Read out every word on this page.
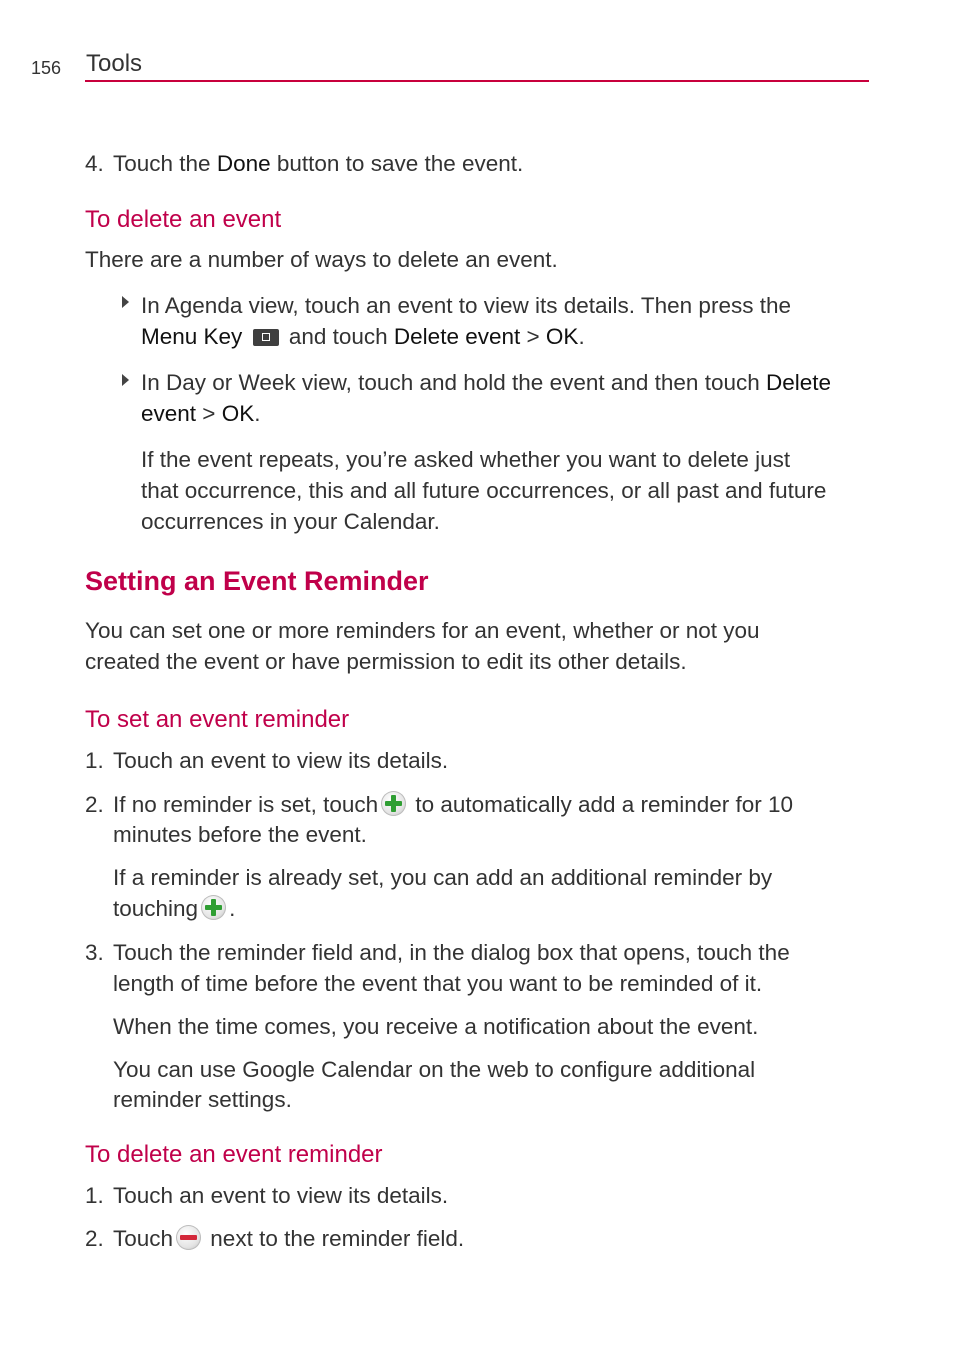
156 Tools
4. Touch the Done button to save the event.
To delete an event
There are a number of ways to delete an event.
In Agenda view, touch an event to view its details. Then press the
Menu Key  and touch Delete event > OK.
In Day or Week view, touch and hold the event and then touch Delete
event > OK.
If the event repeats, you’re asked whether you want to delete just
that occurrence, this and all future occurrences, or all past and future
occurrences in your Calendar.
Setting an Event Reminder
You can set one or more reminders for an event, whether or not you
created the event or have permission to edit its other details.
To set an event reminder
1. Touch an event to view its details.
2. If no reminder is set, touch to automatically add a reminder for 10
minutes before the event.
If a reminder is already set, you can add an additional reminder by
touching .
3. Touch the reminder field and, in the dialog box that opens, touch the
length of time before the event that you want to be reminded of it.
When the time comes, you receive a notification about the event.
You can use Google Calendar on the web to configure additional
reminder settings.
To delete an event reminder
1. Touch an event to view its details.
2. Touch next to the reminder field.
